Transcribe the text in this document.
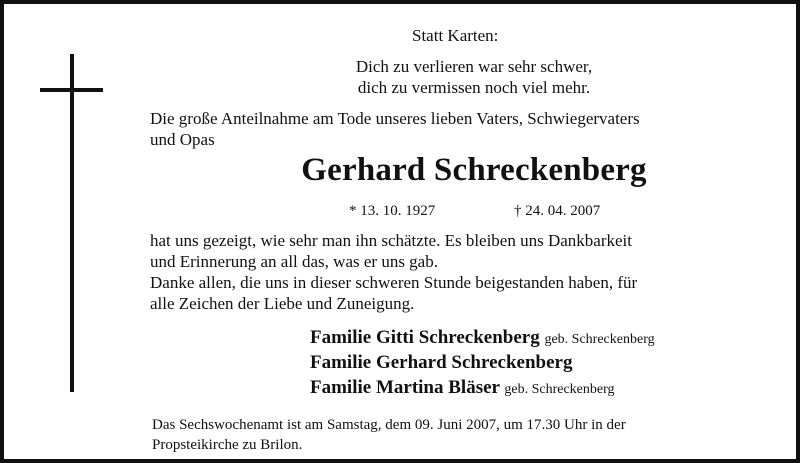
Statt Karten:
Dich zu verlieren war sehr schwer,
dich zu vermissen noch viel mehr.
Die große Anteilnahme am Tode unseres lieben Vaters, Schwiegervaters
und Opas
Gerhard Schreckenberg
* 13. 10. 1927	† 24. 04. 2007
hat uns gezeigt, wie sehr man ihn schätzte. Es bleiben uns Dankbarkeit
und Erinnerung an all das, was er uns gab.
Danke allen, die uns in dieser schweren Stunde beigestanden haben, für
alle Zeichen der Liebe und Zuneigung.
Familie Gitti Schreckenberg geb. Schreckenberg
Familie Gerhard Schreckenberg
Familie Martina Bläser geb. Schreckenberg
Das Sechswochenamt ist am Samstag, dem 09. Juni 2007, um 17.30 Uhr in der
Propsteikirche zu Brilon.
